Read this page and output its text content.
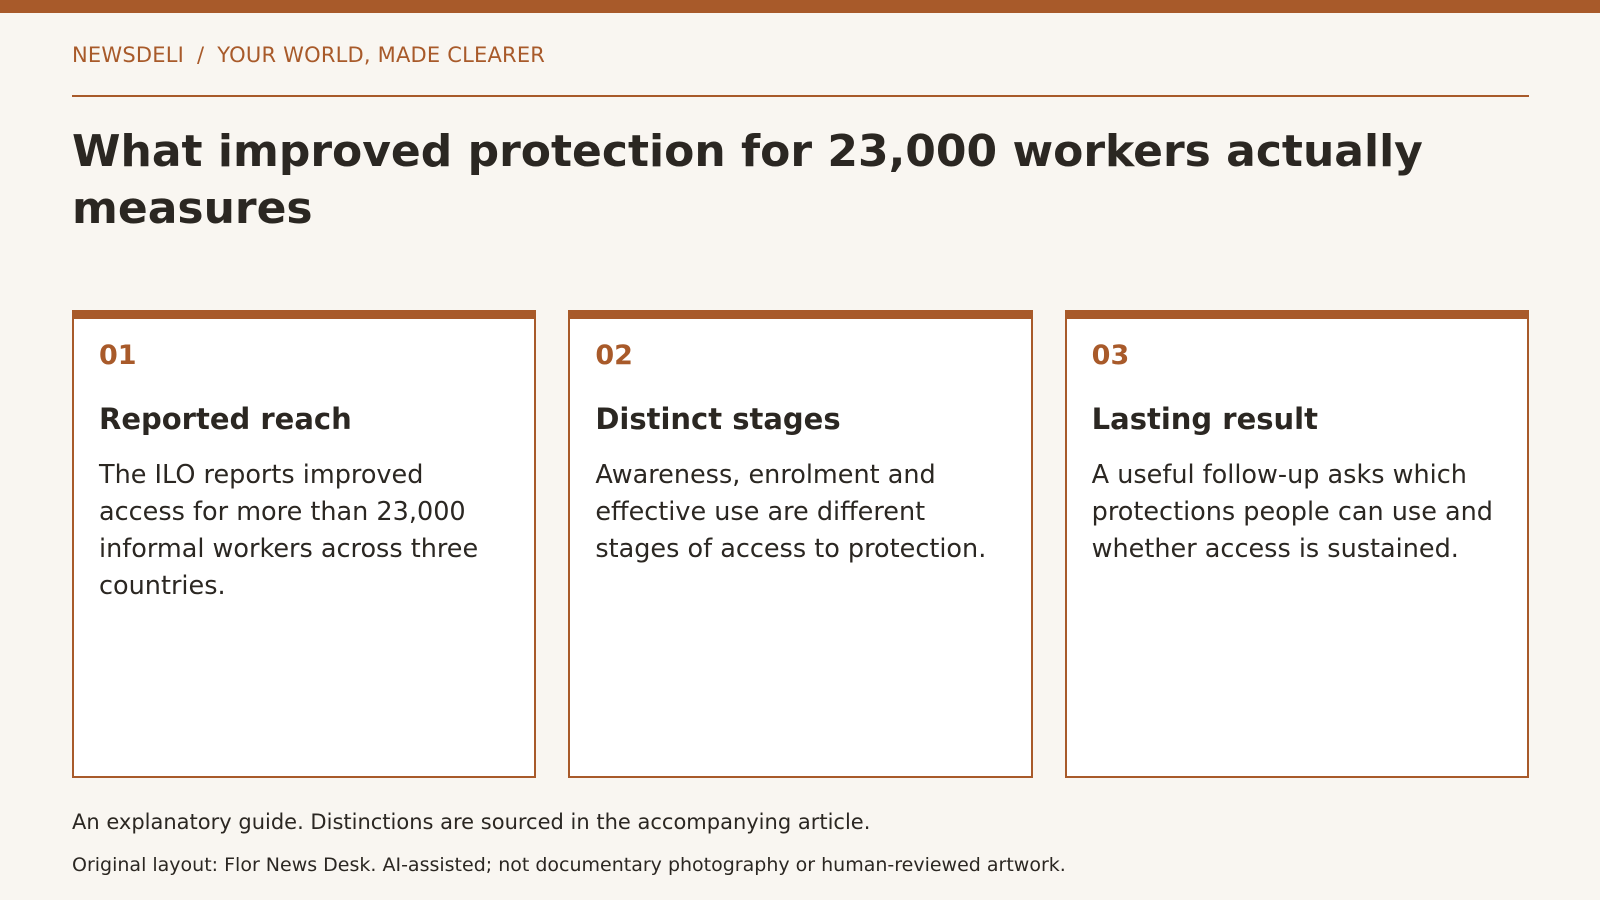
NEWSDELI / YOUR WORLD, MADE CLEARER
What improved protection for 23,000 workers actually measures
01
Reported reach
The ILO reports improved access for more than 23,000 informal workers across three countries.
02
Distinct stages
Awareness, enrolment and effective use are different stages of access to protection.
03
Lasting result
A useful follow-up asks which protections people can use and whether access is sustained.

An explanatory guide. Distinctions are sourced in the accompanying article.

Original layout: Flor News Desk. AI-assisted; not documentary photography or human-reviewed artwork.
